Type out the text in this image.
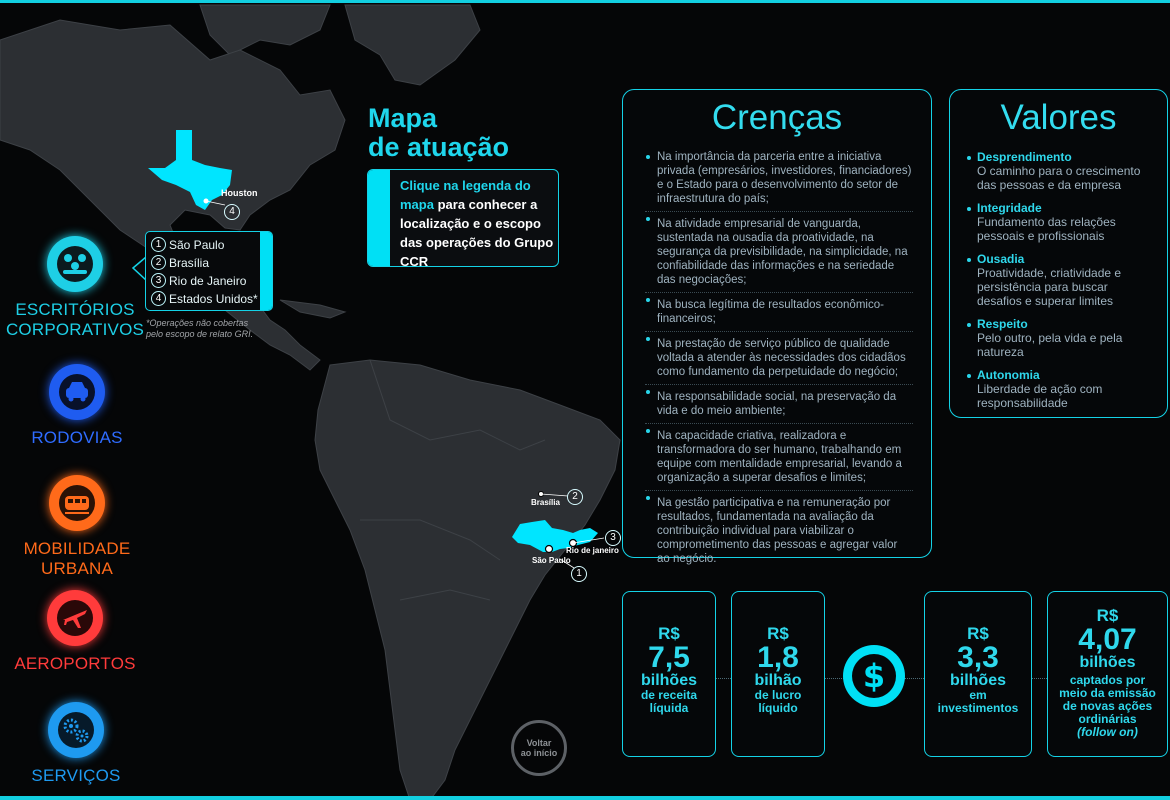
Houston
4
Brasília
2
Rio de janeiro
3
São Paulo
1
Mapa
de atuação
Clique na legenda do mapa para conhecer a localização e o escopo das operações do Grupo CCR
1 São Paulo
2 Brasília
3 Rio de Janeiro
4 Estados Unidos*
*Operações não cobertas
pelo escopo de relato GRI.
ESCRITÓRIOS
CORPORATIVOS
RODOVIAS
MOBILIDADE
URBANA
AEROPORTOS
SERVIÇOS
Crenças
Na importância da parceria entre a iniciativa privada (empresários, investidores, financiadores) e o Estado para o desenvolvimento do setor de infraestrutura do país;
Na atividade empresarial de vanguarda, sustentada na ousadia da proatividade, na segurança da previsibilidade, na simplicidade, na confiabilidade das informações e na seriedade das negociações;
Na busca legítima de resultados econômico-financeiros;
Na prestação de serviço público de qualidade voltada a atender às necessidades dos cidadãos como fundamento da perpetuidade do negócio;
Na responsabilidade social, na preservação da vida e do meio ambiente;
Na capacidade criativa, realizadora e transformadora do ser humano, trabalhando em equipe com mentalidade empresarial, levando a organização a superar desafios e limites;
Na gestão participativa e na remuneração por resultados, fundamentada na avaliação da contribuição individual para viabilizar o comprometimento das pessoas e agregar valor ao negócio.
Valores
Desprendimento
O caminho para o crescimento das pessoas e da empresa
Integridade
Fundamento das relações pessoais e profissionais
Ousadia
Proatividade, criatividade e persistência para buscar desafios e superar limites
Respeito
Pelo outro, pela vida e pela natureza
Autonomia
Liberdade de ação com responsabilidade
R$
7,5
bilhões
de receita
líquida
R$
1,8
bilhão
de lucro
líquido
$
R$
3,3
bilhões
em
investimentos
R$
4,07
bilhões
captados por
meio da emissão
de novas ações
ordinárias
(follow on)
Voltar
ao início
